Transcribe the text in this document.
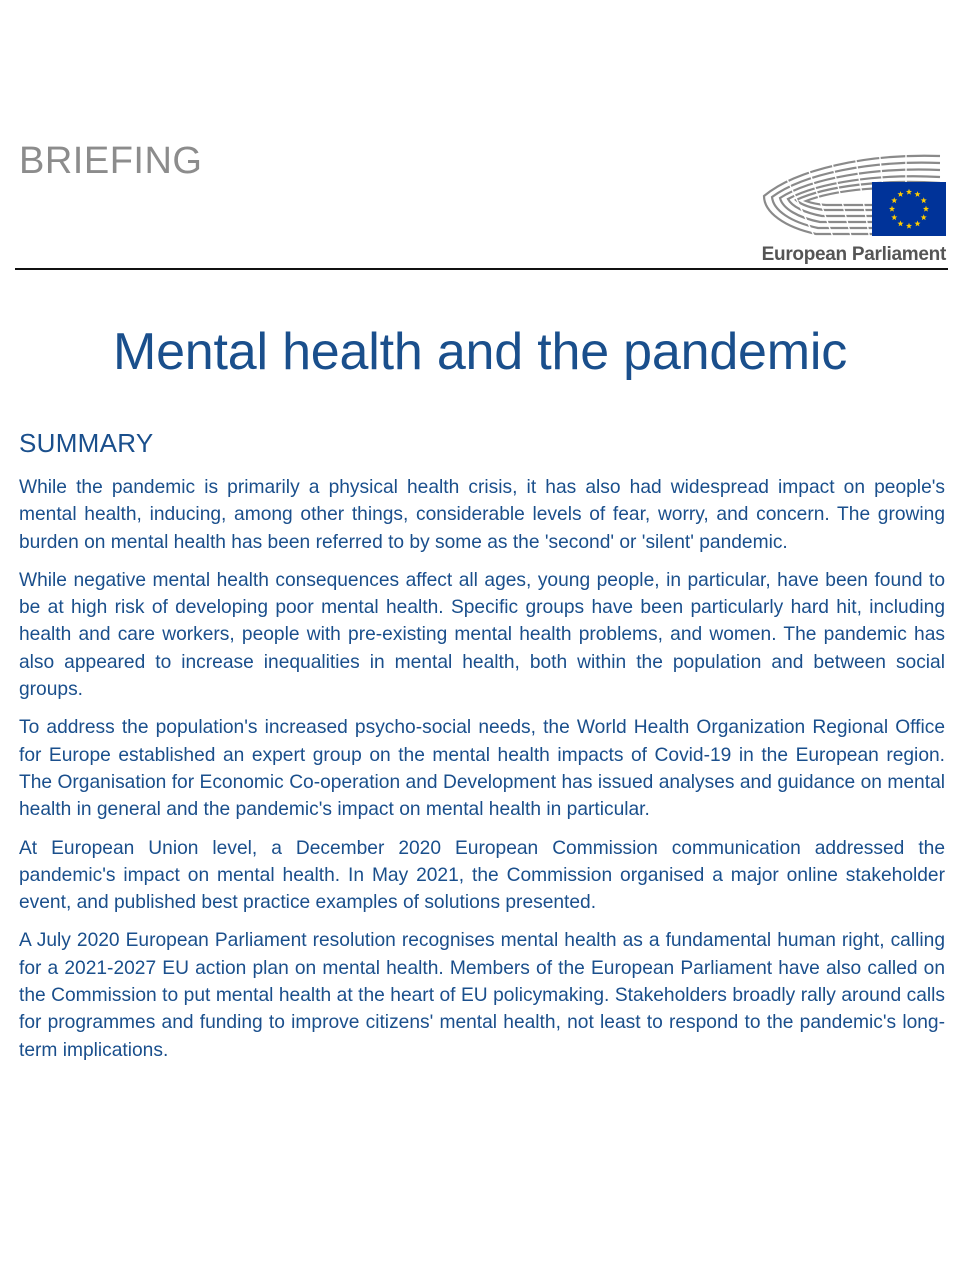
BRIEFING
European Parliament
Mental health and the pandemic
SUMMARY

While the pandemic is primarily a physical health crisis, it has also had widespread impact on people's mental health, inducing, among other things, considerable levels of fear, worry, and concern. The growing burden on mental health has been referred to by some as the 'second' or 'silent' pandemic.

While negative mental health consequences affect all ages, young people, in particular, have been found to be at high risk of developing poor mental health. Specific groups have been particularly hard hit, including health and care workers, people with pre-existing mental health problems, and women. The pandemic has also appeared to increase inequalities in mental health, both within the population and between social groups.

To address the population's increased psycho-social needs, the World Health Organization Regional Office for Europe established an expert group on the mental health impacts of Covid-19 in the European region. The Organisation for Economic Co-operation and Development has issued analyses and guidance on mental health in general and the pandemic's impact on mental health in particular.

At European Union level, a December 2020 European Commission communication addressed the pandemic's impact on mental health. In May 2021, the Commission organised a major online stakeholder event, and published best practice examples of solutions presented.

A July 2020 European Parliament resolution recognises mental health as a fundamental human right, calling for a 2021-2027 EU action plan on mental health. Members of the European Parliament have also called on the Commission to put mental health at the heart of EU policymaking. Stakeholders broadly rally around calls for programmes and funding to improve citizens' mental health, not least to respond to the pandemic's long-term implications.
